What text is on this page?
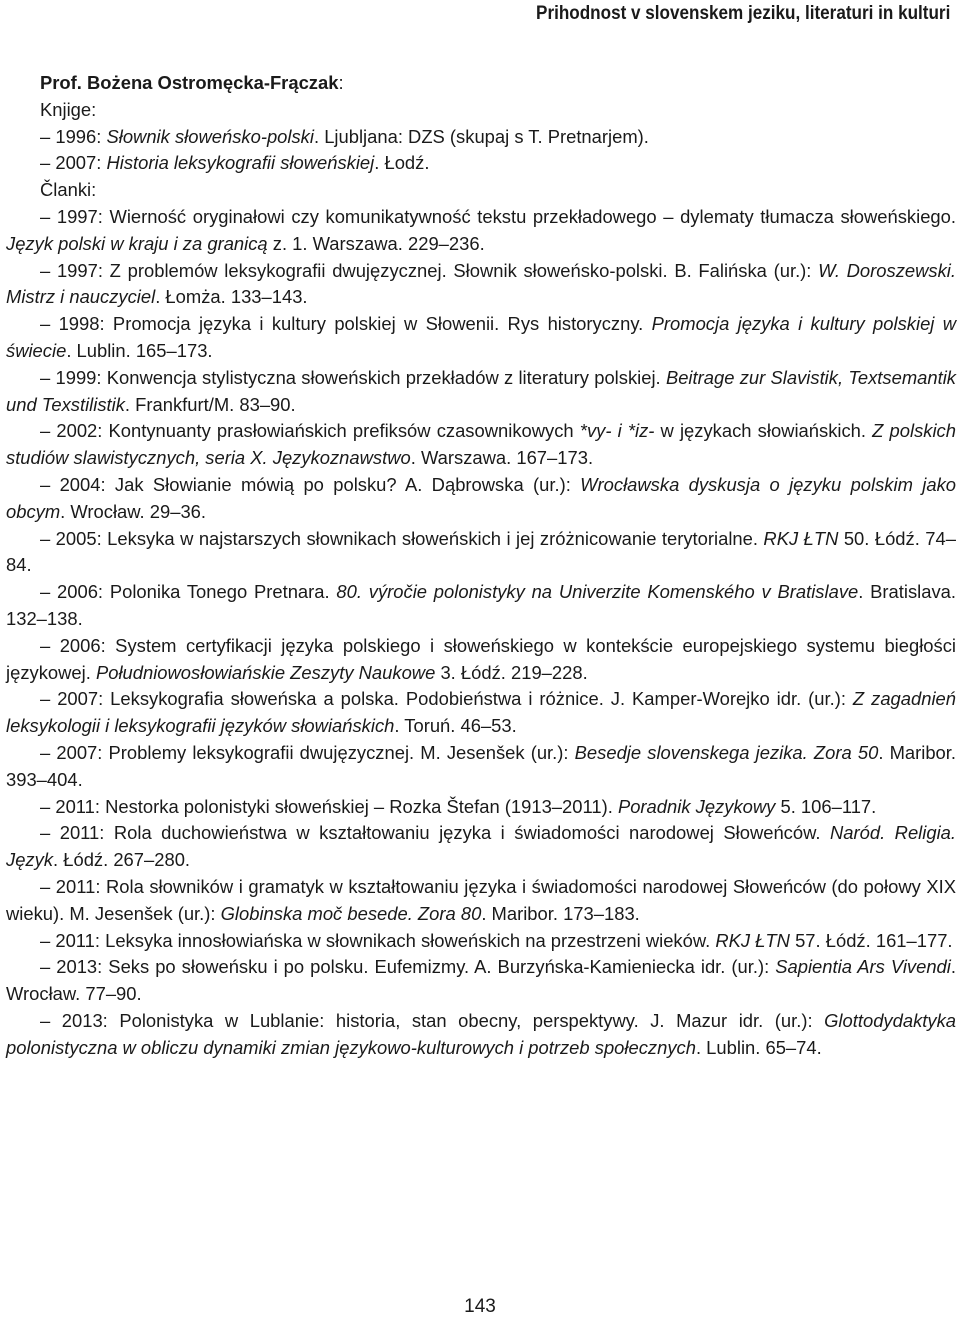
Prihodnost v slovenskem jeziku, literaturi in kulturi

Prof. Bożena Ostromęcka-Frączak:

Knjige:

– 1996: Słownik słoweńsko-polski. Ljubljana: DZS (skupaj s T. Pretnarjem).

– 2007: Historia leksykografii słoweńskiej. Łodź.

Članki:

– 1997: Wierność oryginałowi czy komunikatywność tekstu przekładowego – dylematy tłumacza słoweńskiego. Język polski w kraju i za granicą z. 1. Warszawa. 229–236.

– 1997: Z problemów leksykografii dwujęzycznej. Słownik słoweńsko-polski. B. Falińska (ur.): W. Doroszewski. Mistrz i nauczyciel. Łomża. 133–143.

– 1998: Promocja języka i kultury polskiej w Słowenii. Rys historyczny. Promocja języka i kultury polskiej w świecie. Lublin. 165–173.

– 1999: Konwencja stylistyczna słoweńskich przekładów z literatury polskiej. Beitrage zur Slavistik, Textsemantik und Texstilistik. Frankfurt/M. 83–90.

– 2002: Kontynuanty prasłowiańskich prefiksów czasownikowych *vy- i *iz- w językach słowiańskich. Z polskich studiów slawistycznych, seria X. Językoznawstwo. Warszawa. 167–173.

– 2004: Jak Słowianie mówią po polsku? A. Dąbrowska (ur.): Wrocławska dyskusja o języku polskim jako obcym. Wrocław. 29–36.

– 2005: Leksyka w najstarszych słownikach słoweńskich i jej zróżnicowanie terytorialne. RKJ ŁTN 50. Łódź. 74–84.

– 2006: Polonika Tonego Pretnara. 80. výročie polonistyky na Univerzite Komenského v Bratislave. Bratislava. 132–138.

– 2006: System certyfikacji języka polskiego i słoweńskiego w kontekście europejskiego systemu biegłości językowej. Południowosłowiańskie Zeszyty Naukowe 3. Łódź. 219–228.

– 2007: Leksykografia słoweńska a polska. Podobieństwa i różnice. J. Kamper-Worejko idr. (ur.): Z zagadnień leksykologii i leksykografii języków słowiańskich. Toruń. 46–53.

– 2007: Problemy leksykografii dwujęzycznej. M. Jesenšek (ur.): Besedje slovenskega jezika. Zora 50. Maribor. 393–404.

– 2011: Nestorka polonistyki słoweńskiej – Rozka Štefan (1913–2011). Poradnik Językowy 5. 106–117.

– 2011: Rola duchowieństwa w kształtowaniu języka i świadomości narodowej Słoweńców. Naród. Religia. Język. Łódź. 267–280.

– 2011: Rola słowników i gramatyk w kształtowaniu języka i świadomości narodowej Słoweńców (do połowy XIX wieku). M. Jesenšek (ur.): Globinska moč besede. Zora 80. Maribor. 173–183.

– 2011: Leksyka innosłowiańska w słownikach słoweńskich na przestrzeni wieków. RKJ ŁTN 57. Łódź. 161–177.

– 2013: Seks po słoweńsku i po polsku. Eufemizmy. A. Burzyńska-Kamieniecka idr. (ur.): Sapientia Ars Vivendi. Wrocław. 77–90.

– 2013: Polonistyka w Lublanie: historia, stan obecny, perspektywy. J. Mazur idr. (ur.): Glottodydaktyka polonistyczna w obliczu dynamiki zmian językowo-kulturowych i potrzeb społecznych. Lublin. 65–74.

143
